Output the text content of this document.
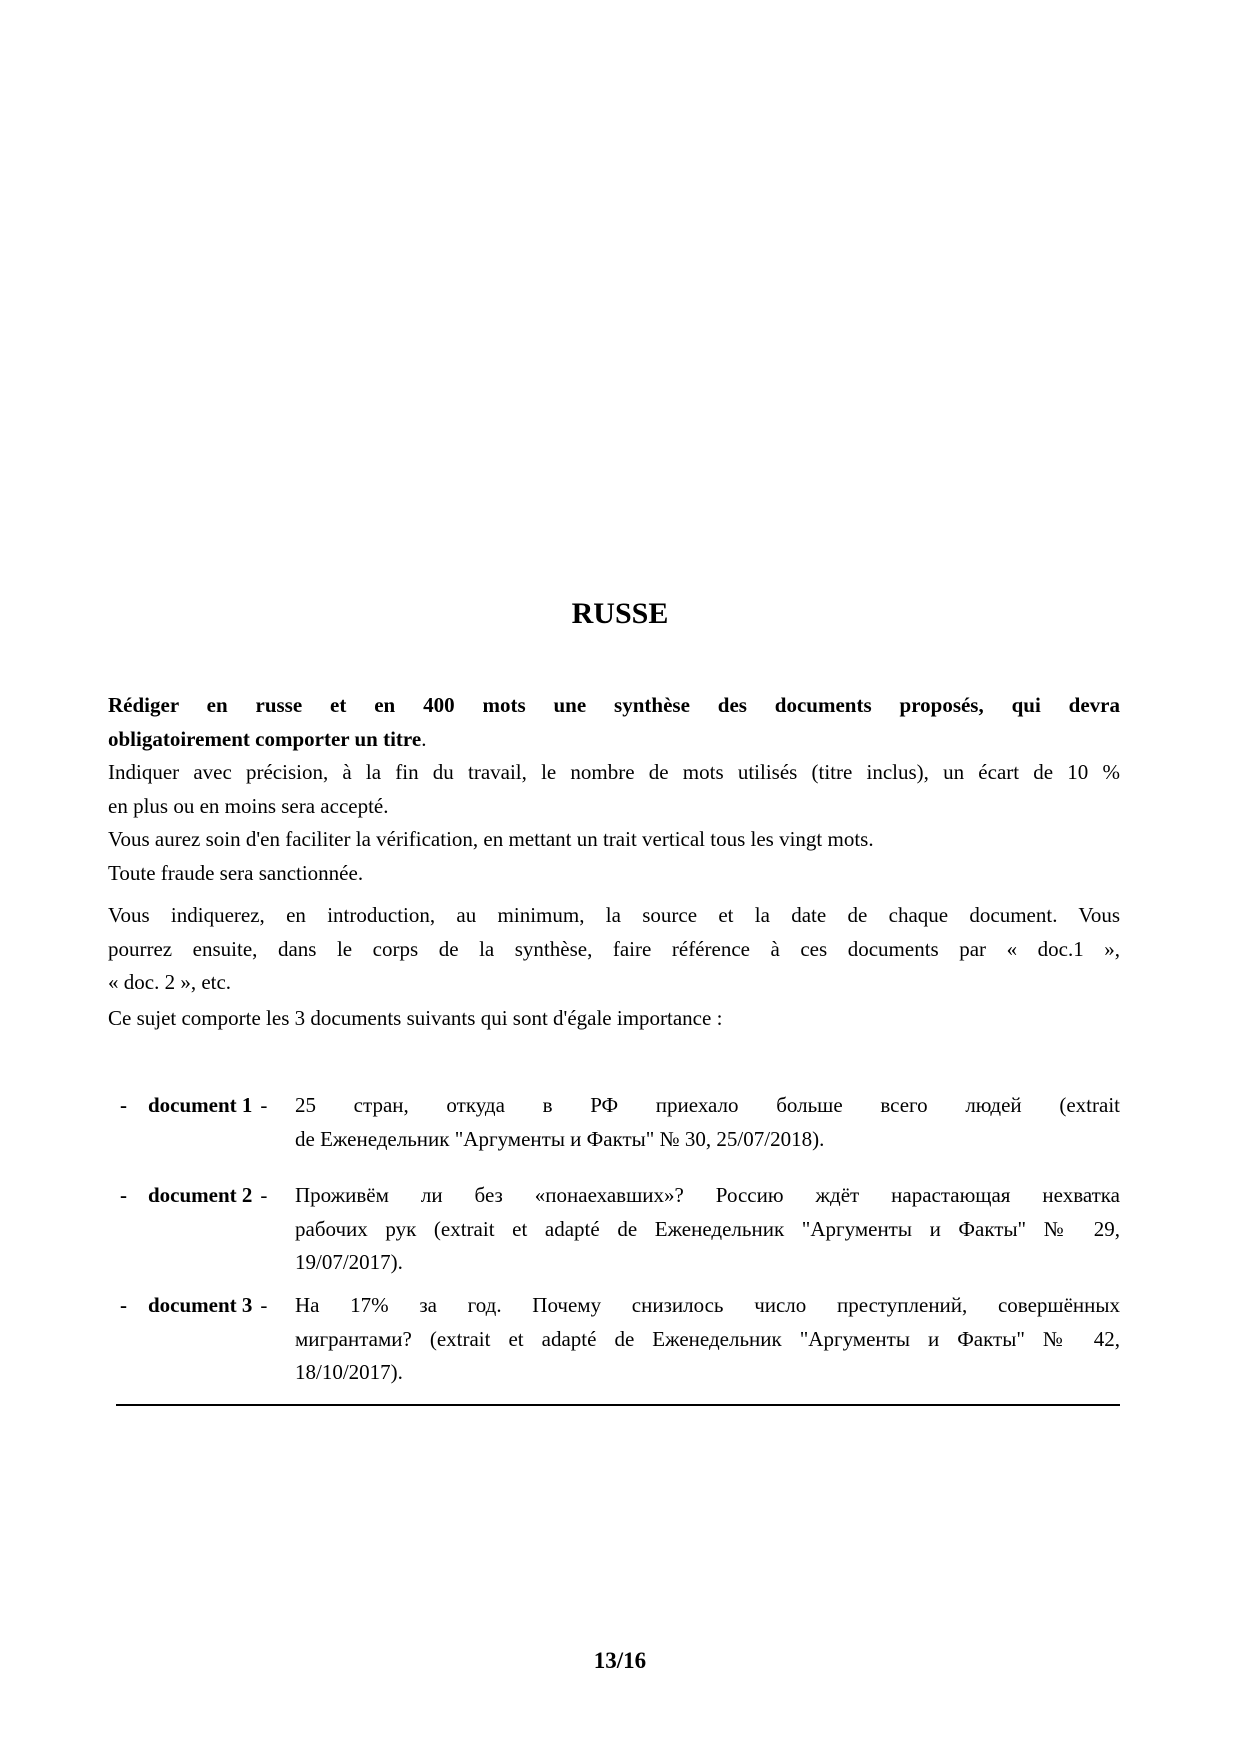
RUSSE
Rédiger en russe et en 400 mots une synthèse des documents proposés, qui devra
obligatoirement comporter un titre.
Indiquer avec précision, à la fin du travail, le nombre de mots utilisés (titre inclus), un écart de 10 %
en plus ou en moins sera accepté.
Vous aurez soin d'en faciliter la vérification, en mettant un trait vertical tous les vingt mots.
Toute fraude sera sanctionnée.
Vous indiquerez, en introduction, au minimum, la source et la date de chaque document. Vous
pourrez ensuite, dans le corps de la synthèse, faire référence à ces documents par « doc.1 »,
« doc. 2 », etc.
Ce sujet comporte les 3 documents suivants qui sont d'égale importance :
- document 1 - 25 стран, откуда в РФ приехало больше всего людей (extrait
de Еженедельник "Аргументы и Факты" № 30, 25/07/2018).
- document 2 - Проживём ли без «понаехавших»? Россию ждёт нарастающая нехватка
рабочих рук (extrait et adapté de Еженедельник "Аргументы и Факты" № 29,
19/07/2017).
- document 3 - На 17% за год. Почему снизилось число преступлений, совершённых
мигрантами? (extrait et adapté de Еженедельник "Аргументы и Факты" № 42,
18/10/2017).
13/16
